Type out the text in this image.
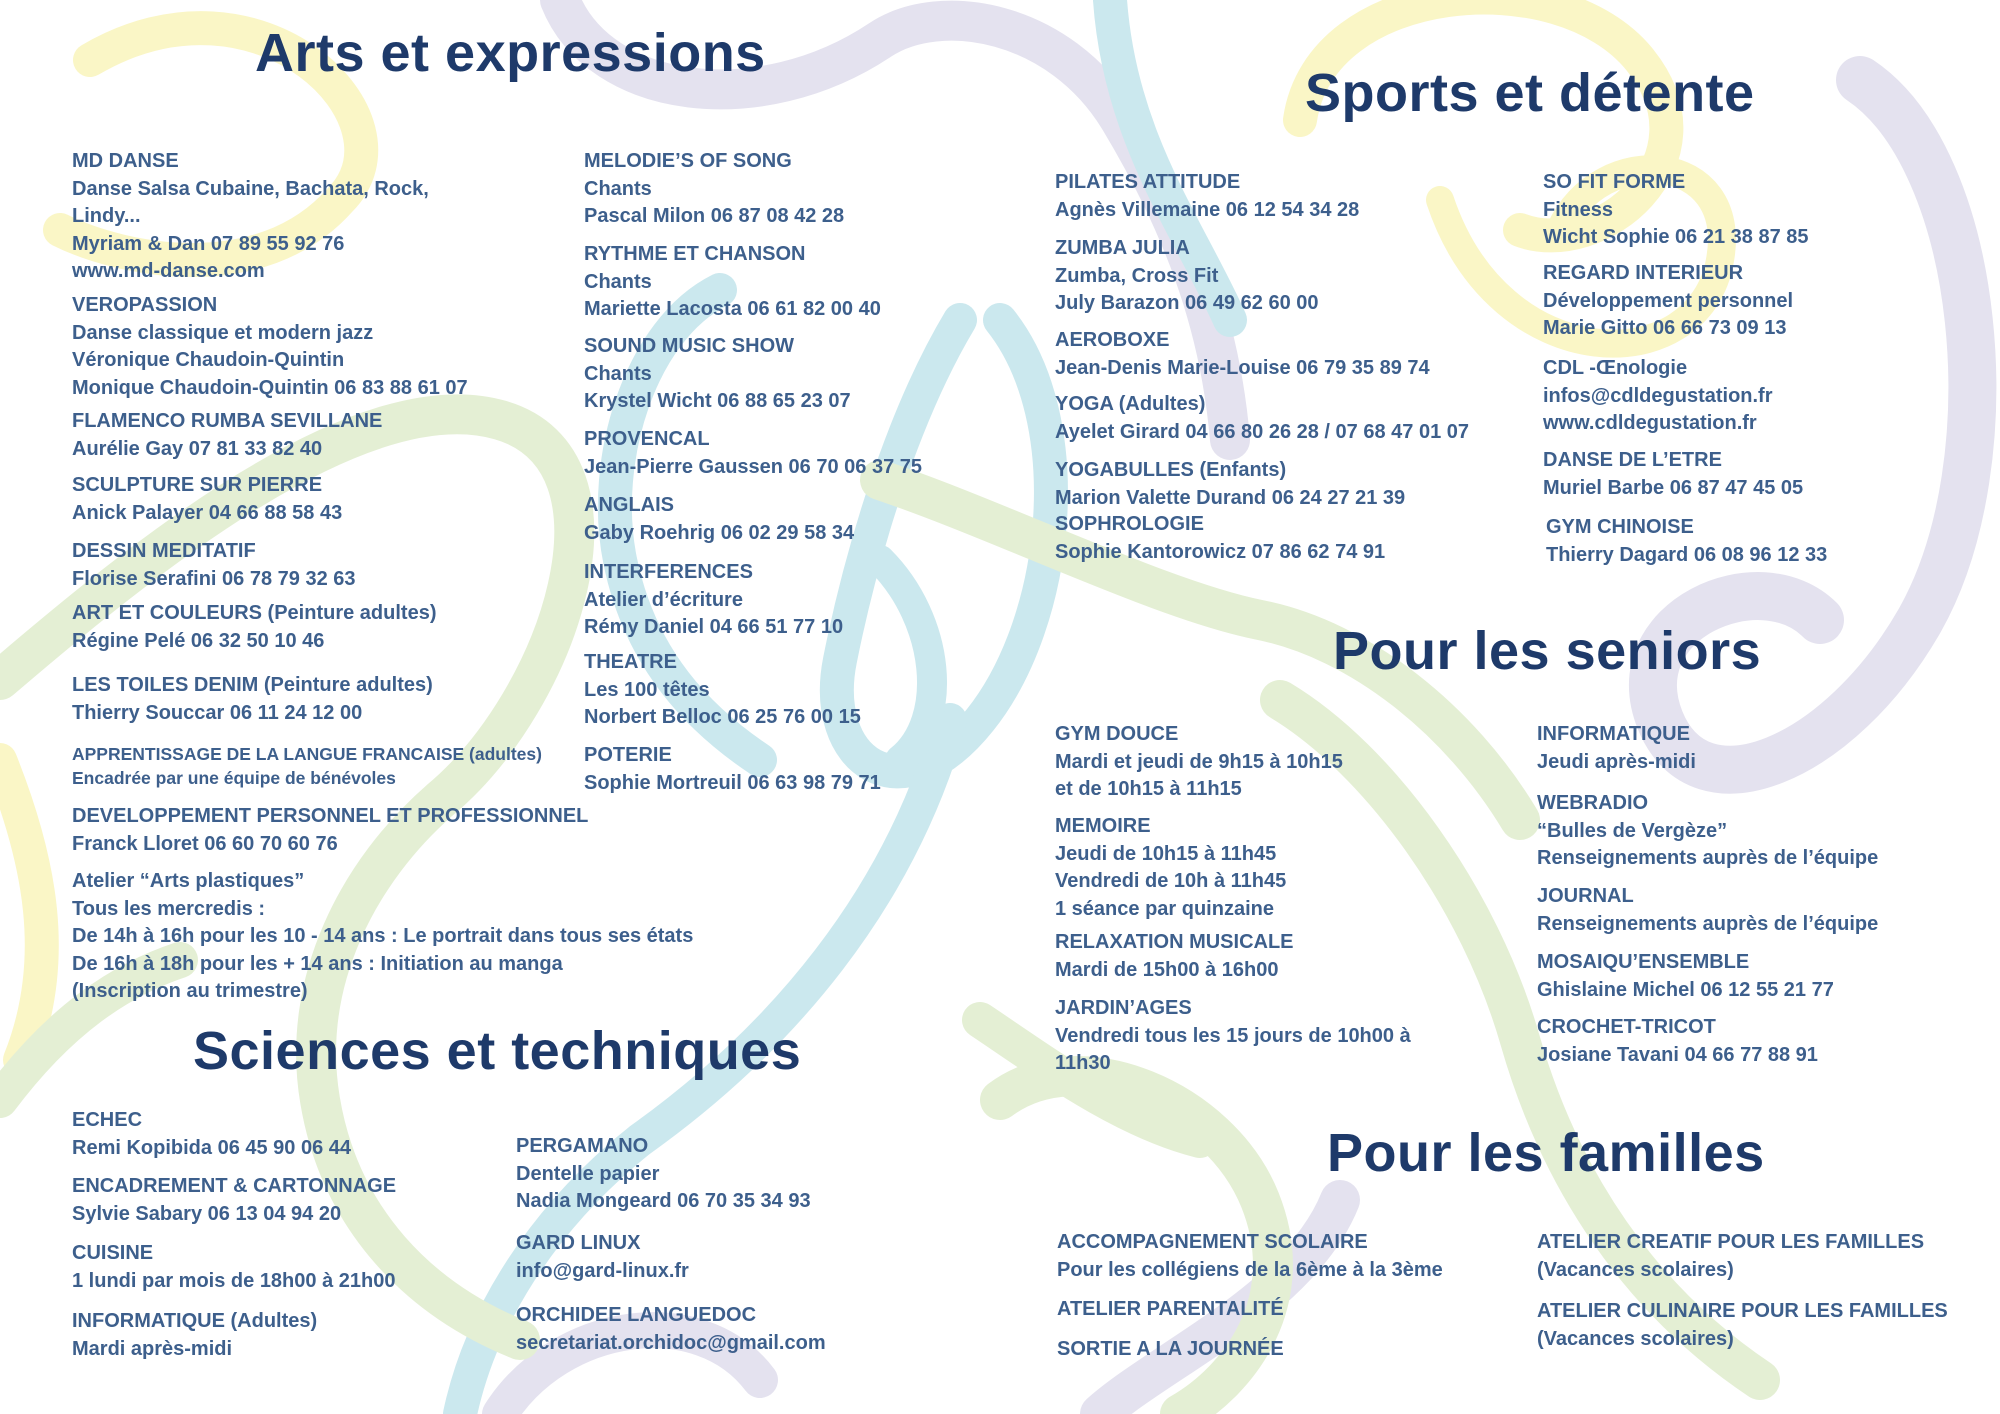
Arts et expressions
MD DANSE
Danse Salsa Cubaine, Bachata, Rock,
Lindy...
Myriam & Dan 07 89 55 92 76
www.md-danse.com
VEROPASSION
Danse classique et modern jazz
Véronique Chaudoin-Quintin
Monique Chaudoin-Quintin 06 83 88 61 07
FLAMENCO RUMBA SEVILLANE
Aurélie Gay 07 81 33 82 40
SCULPTURE SUR PIERRE
Anick Palayer 04 66 88 58 43
DESSIN MEDITATIF
Florise Serafini 06 78 79 32 63
ART ET COULEURS (Peinture adultes)
Régine Pelé 06 32 50 10 46
LES TOILES DENIM (Peinture adultes)
Thierry Souccar 06 11 24 12 00
APPRENTISSAGE DE LA LANGUE FRANCAISE (adultes)
Encadrée par une équipe de bénévoles
DEVELOPPEMENT PERSONNEL ET PROFESSIONNEL
Franck Lloret 06 60 70 60 76
Atelier “Arts plastiques”
Tous les mercredis :
De 14h à 16h pour les 10 - 14 ans : Le portrait dans tous ses états
De 16h à 18h pour les + 14 ans : Initiation au manga
(Inscription au trimestre)
MELODIE’S OF SONG
Chants
Pascal Milon 06 87 08 42 28
RYTHME ET CHANSON
Chants
Mariette Lacosta 06 61 82 00 40
SOUND MUSIC SHOW
Chants
Krystel Wicht 06 88 65 23 07
PROVENCAL
Jean-Pierre Gaussen 06 70 06 37 75
ANGLAIS
Gaby Roehrig 06 02 29 58 34
INTERFERENCES
Atelier d’écriture
Rémy Daniel 04 66 51 77 10
THEATRE
Les 100 têtes
Norbert Belloc 06 25 76 00 15
POTERIE
Sophie Mortreuil 06 63 98 79 71
Sciences et techniques
ECHEC
Remi Kopibida 06 45 90 06 44
ENCADREMENT & CARTONNAGE
Sylvie Sabary 06 13 04 94 20
CUISINE
1 lundi par mois de 18h00 à 21h00
INFORMATIQUE (Adultes)
Mardi après-midi
PERGAMANO
Dentelle papier
Nadia Mongeard 06 70 35 34 93
GARD LINUX
info@gard-linux.fr
ORCHIDEE LANGUEDOC
secretariat.orchidoc@gmail.com
Sports et détente
PILATES ATTITUDE
Agnès Villemaine 06 12 54 34 28
ZUMBA JULIA
Zumba, Cross Fit
July Barazon 06 49 62 60 00
AEROBOXE
Jean-Denis Marie-Louise 06 79 35 89 74
YOGA (Adultes)
Ayelet Girard 04 66 80 26 28 / 07 68 47 01 07
YOGABULLES (Enfants)
Marion Valette Durand 06 24 27 21 39
SOPHROLOGIE
Sophie Kantorowicz 07 86 62 74 91
SO FIT FORME
Fitness
Wicht Sophie 06 21 38 87 85
REGARD INTERIEUR
Développement personnel
Marie Gitto 06 66 73 09 13
CDL -Œnologie
infos@cdldegustation.fr
www.cdldegustation.fr
DANSE DE L’ETRE
Muriel Barbe 06 87 47 45 05
GYM CHINOISE
Thierry Dagard 06 08 96 12 33
Pour les seniors
GYM DOUCE
Mardi et jeudi de 9h15 à 10h15
et de 10h15 à 11h15
MEMOIRE
Jeudi de 10h15 à 11h45
Vendredi de 10h à 11h45
1 séance par quinzaine
RELAXATION MUSICALE
Mardi de 15h00 à 16h00
JARDIN’AGES
Vendredi tous les 15 jours de 10h00 à
11h30
INFORMATIQUE
Jeudi après-midi
WEBRADIO
“Bulles de Vergèze”
Renseignements auprès de l’équipe
JOURNAL
Renseignements auprès de l’équipe
MOSAIQU’ENSEMBLE
Ghislaine Michel 06 12 55 21 77
CROCHET-TRICOT
Josiane Tavani 04 66 77 88 91
Pour les familles
ACCOMPAGNEMENT SCOLAIRE
Pour les collégiens de la 6ème à la 3ème
ATELIER PARENTALITÉ
SORTIE A LA JOURNÉE
ATELIER CREATIF POUR LES FAMILLES
(Vacances scolaires)
ATELIER CULINAIRE POUR LES FAMILLES
(Vacances scolaires)
